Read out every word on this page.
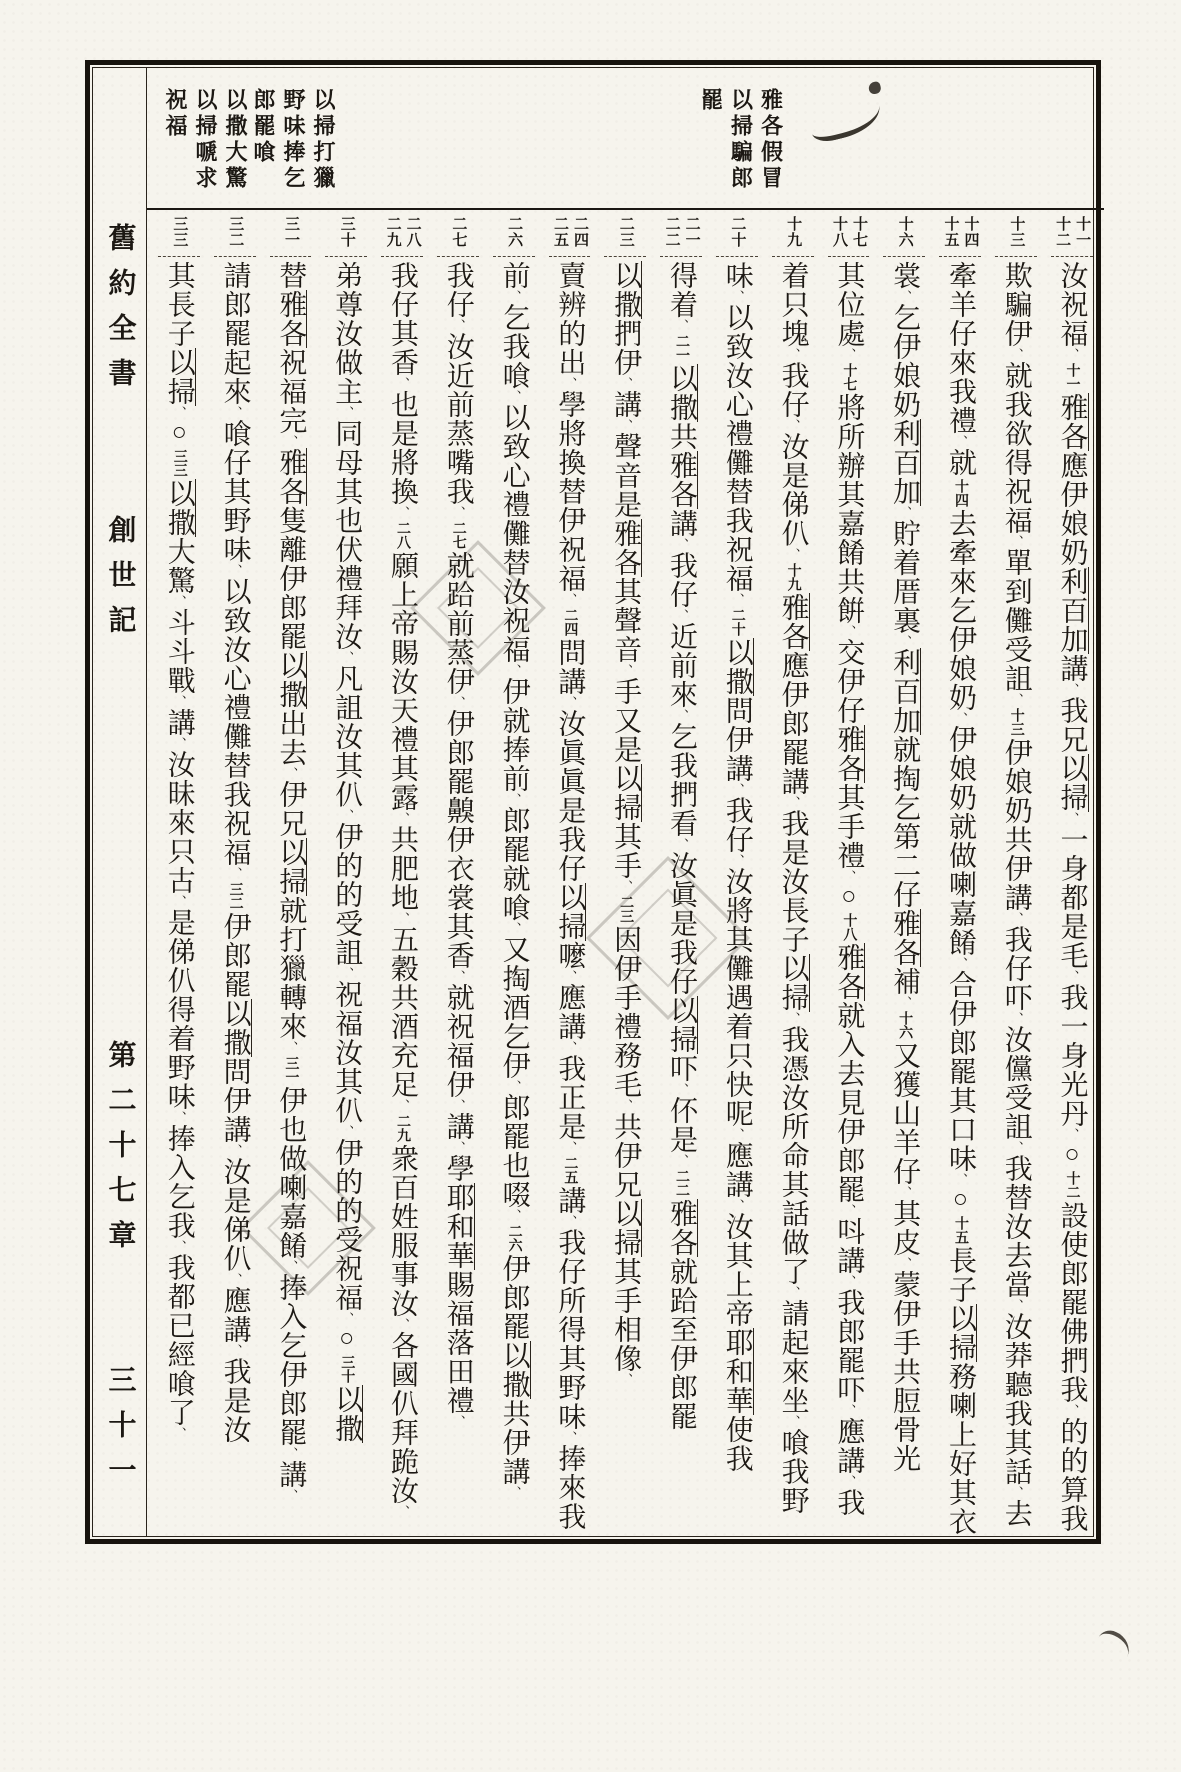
舊約全書
創世記
第二十七章
三十一
雅各假冒
以掃騙郎
罷
以掃打獵
野味捧乞
郎罷喰
以撒大驚
以掃嗁求
祝福
十一
十二
汝祝福、十一雅各應伊娘奶利百加講、我兄以掃、一身都是毛、我一身光丹、○十二設使郎罷佛捫我、的的算我
十三
欺騙伊、就我欲得祝福、單到儺受詛、十三伊娘奶共伊講、我仔吓、汝儻受詛、我替汝去當、汝莽聽我其話、去
十四
十五
牽羊仔來我禮、就十四去牽來乞伊娘奶、伊娘奶就做喇嘉餚、合伊郎罷其口味、○十五長子以掃務喇上好其衣
十六
裳、乞伊娘奶利百加、貯着厝裏、利百加就掏乞第二仔雅各補、十六又獲山羊仔、其皮、蒙伊手共脰骨光
十七
十八
其位處、十七將所辦其嘉餚共餠、交伊仔雅各其手禮、○十八雅各就入去見伊郎罷、呌講、我郎罷吓、應講、我
十九
着只塊、我仔、汝是俤仈、十九雅各應伊郎罷講、我是汝長子以掃、我憑汝所命其話做了、請起來坐、喰我野
二十
味、以致汝心禮儺替我祝福、二十以撒問伊講、我仔、汝將其儺遇着只快呢、應講、汝其上帝耶和華使我
二一
二二
得着、二一以撒共雅各講、我仔、近前來、乞我捫看、汝眞是我仔以掃吓、伓是、二二雅各就跲至伊郎罷
二三
以撒捫伊、講、聲音是雅各其聲音、手又是以掃其手、二三因伊手禮務毛、共伊兄以掃其手相像、
二四
二五
賣辨的出、學將換替伊祝福、二四問講、汝眞眞是我仔以掃嚒、應講、我正是、二五講、我仔所得其野味、捧來我
二六
前、乞我喰、以致心禮儺替汝祝福、伊就捧前、郎罷就喰、又掏酒乞伊、郎罷也啜、二六伊郎罷以撒共伊講、
二七
我仔、汝近前蒸嘴我、二七就跲前蒸伊、伊郎罷齅伊衣裳其香、就祝福伊、講、學耶和華賜福落田禮、
二八
二九
我仔其香、也是將換、二八願上帝賜汝天禮其露、共肥地、五穀共酒充足、二九衆百姓服事汝、各國仈拜跪汝、
三十
弟尊汝做主、同母其也伏禮拜汝、凡詛汝其仈、伊的的受詛、祝福汝其仈、伊的的受祝福、○三十以撒
三一
替雅各祝福完、雅各隻離伊郎罷以撒出去、伊兄以掃就打獵轉來、三一伊也做喇嘉餚、捧入乞伊郎罷、講、
三二
請郎罷起來、喰仔其野味、以致汝心禮儺替我祝福、三二伊郎罷以撒問伊講、汝是俤仈、應講、我是汝
三三
其長子以掃、○三三以撒大驚、斗斗戰、講、汝昧來只古、是俤仈得着野味、捧入乞我、我都已經喰了、
